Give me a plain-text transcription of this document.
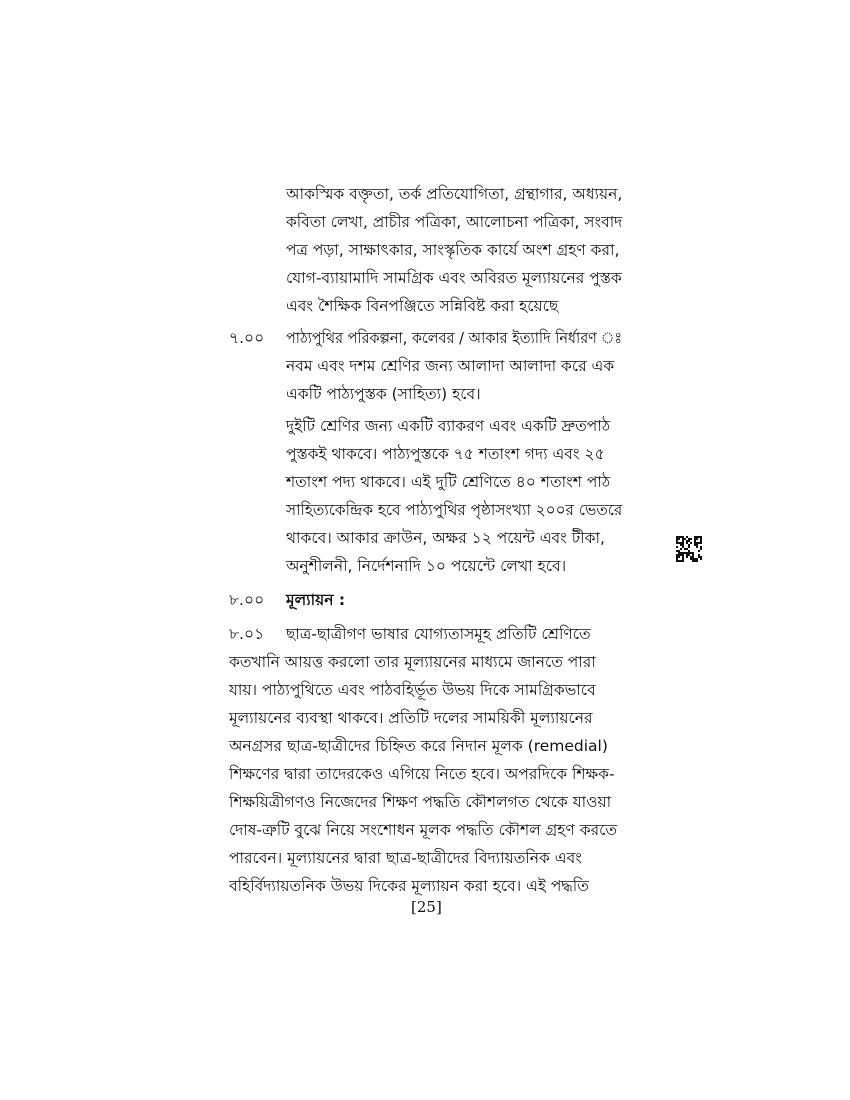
আকস্মিক বক্তৃতা, তর্ক প্রতিযোগিতা, গ্রন্থাগার, অধ্যয়ন,
কবিতা লেখা, প্রাচীর পত্রিকা, আলোচনা পত্রিকা, সংবাদ
পত্র পড়া, সাক্ষাৎকার, সাংস্কৃতিক কার্যে অংশ গ্রহণ করা,
যোগ-ব্যায়ামাদি সামগ্রিক এবং অবিরত মূল্যায়নের পুস্তক
এবং শৈক্ষিক বিনপঞ্জিতে সন্নিবিষ্ট করা হয়েছে
৭.০০ পাঠ্যপুথির পরিকল্পনা, কলেবর / আকার ইত্যাদি নির্ধারণ ঃ
নবম এবং দশম শ্রেণির জন্য আলাদা আলাদা করে এক
একটি পাঠ্যপুস্তক (সাহিত্য) হবে।
দুইটি শ্রেণির জন্য একটি ব্যাকরণ এবং একটি দ্রুতপাঠ
পুস্তকই থাকবে। পাঠ্যপুস্তকে ৭৫ শতাংশ গদ্য এবং ২৫
শতাংশ পদ্য থাকবে। এই দুটি শ্রেণিতে ৪০ শতাংশ পাঠ
সাহিত্যকেন্দ্রিক হবে পাঠ্যপুথির পৃষ্ঠাসংখ্যা ২০০র ভেতরে
থাকবে। আকার ক্রাউন, অক্ষর ১২ পয়েন্ট এবং টীকা,
অনুশীলনী, নির্দেশনাদি ১০ পয়েন্টে লেখা হবে।
৮.০০ মূল্যায়ন :
৮.০১ ছাত্র-ছাত্রীগণ ভাষার যোগ্যতাসমূহ প্রতিটি শ্রেণিতে
কতখানি আয়ত্ত করলো তার মূল্যায়নের মাধ্যমে জানতে পারা
যায়। পাঠ্যপুথিতে এবং পাঠবহির্ভূত উভয় দিকে সামগ্রিকভাবে
মূল্যায়নের ব্যবস্থা থাকবে। প্রতিটি দলের সাময়িকী মূল্যায়নের
অনগ্রসর ছাত্র-ছাত্রীদের চিহ্নিত করে নিদান মূলক (remedial)
শিক্ষণের দ্বারা তাদেরকেও এগিয়ে নিতে হবে। অপরদিকে শিক্ষক-
শিক্ষয়িত্রীগণও নিজেদের শিক্ষণ পদ্ধতি কৌশলগত থেকে যাওয়া
দোষ-ত্রুটি বুঝে নিয়ে সংশোধন মূলক পদ্ধতি কৌশল গ্রহণ করতে
পারবেন। মূল্যায়নের দ্বারা ছাত্র-ছাত্রীদের বিদ্যায়তনিক এবং
বহির্বিদ্যায়তনিক উভয় দিকের মূল্যায়ন করা হবে। এই পদ্ধতি
[25]
